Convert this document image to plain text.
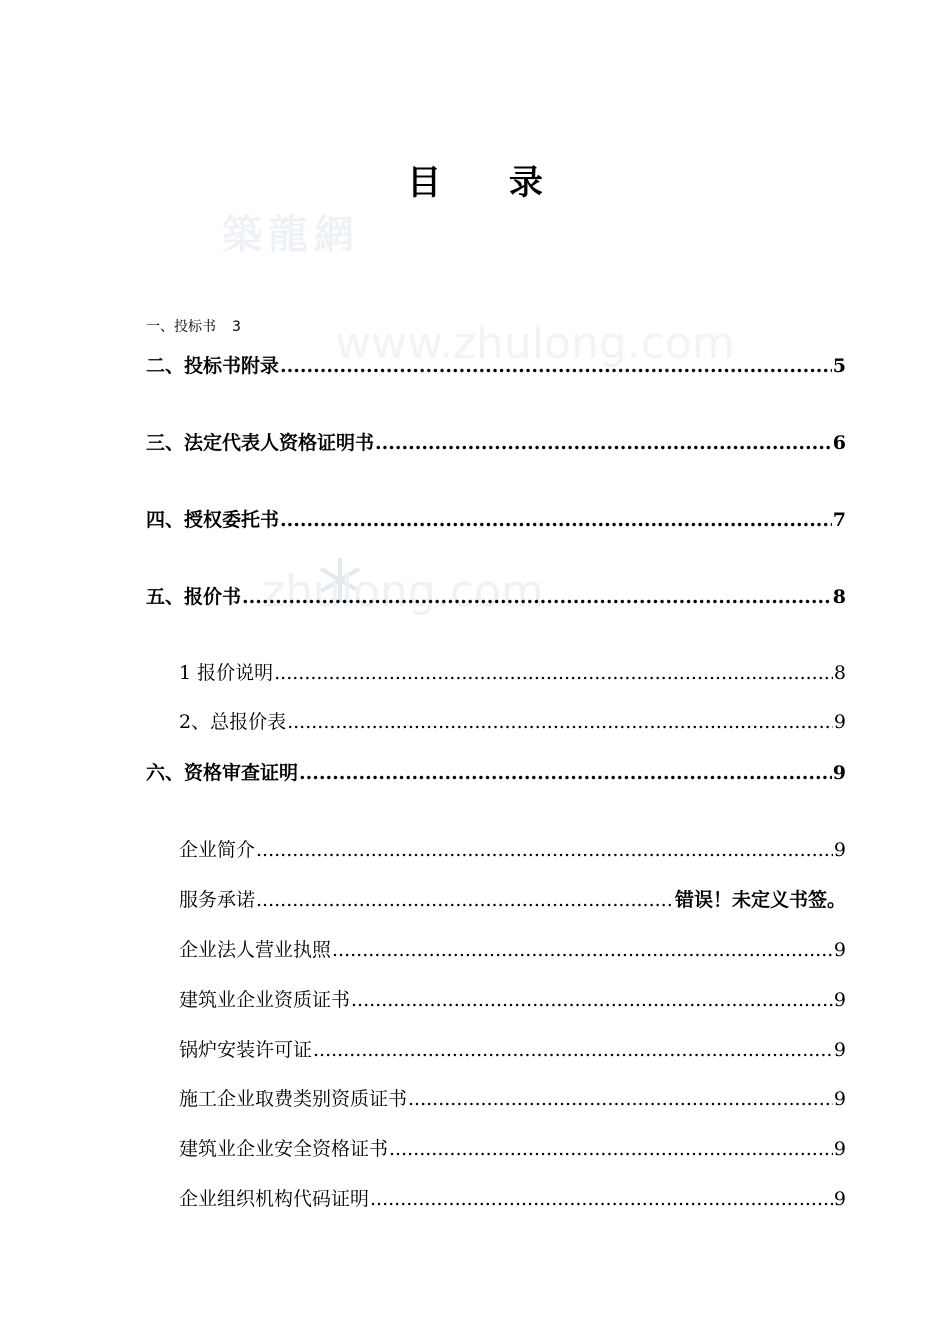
築龍網
www.zhulong.com
zhulong.com
目 录
一、投标书 3
二、投标书附录 .....	5
三、法定代表人资格证明书 .....	6
四、授权委托书 .....	7
五、报价书 .....	8
1 报价说明 .....	8
2、总报价表 .....	9
六、资格审查证明 .....	9
企业简介 .....	9
服务承诺 .....	错误！未定义书签。
企业法人营业执照 .....	9
建筑业企业资质证书 .....	9
锅炉安装许可证 .....	9
施工企业取费类别资质证书 .....	9
建筑业企业安全资格证书 .....	9
企业组织机构代码证明 .....	9
